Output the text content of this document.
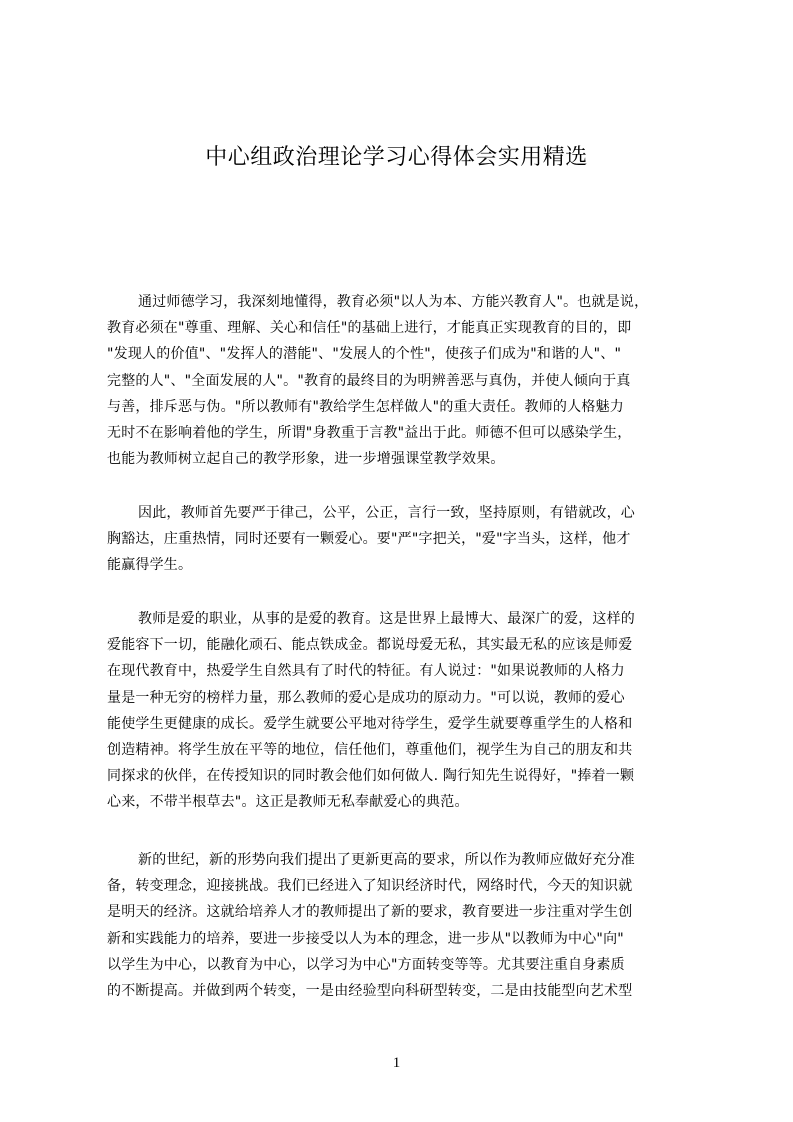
中心组政治理论学习心得体会实用精选
通过师德学习，我深刻地懂得，教育必须"以人为本、方能兴教育人"。也就是说，
教育必须在"尊重、理解、关心和信任"的基础上进行，才能真正实现教育的目的，即
"发现人的价值"、"发挥人的潜能"、"发展人的个性"，使孩子们成为"和谐的人"、"
完整的人"、"全面发展的人"。"教育的最终目的为明辨善恶与真伪，并使人倾向于真
与善，排斥恶与伪。"所以教师有"教给学生怎样做人"的重大责任。教师的人格魅力
无时不在影响着他的学生，所谓"身教重于言教"益出于此。师德不但可以感染学生，
也能为教师树立起自己的教学形象，进一步增强课堂教学效果。
因此，教师首先要严于律己，公平，公正，言行一致，坚持原则，有错就改，心
胸豁达，庄重热情，同时还要有一颗爱心。要"严"字把关，"爱"字当头，这样，他才
能赢得学生。
教师是爱的职业，从事的是爱的教育。这是世界上最博大、最深广的爱，这样的
爱能容下一切，能融化顽石、能点铁成金。都说母爱无私，其实最无私的应该是师爱
在现代教育中，热爱学生自然具有了时代的特征。有人说过："如果说教师的人格力
量是一种无穷的榜样力量，那么教师的爱心是成功的原动力。"可以说，教师的爱心
能使学生更健康的成长。爱学生就要公平地对待学生，爱学生就要尊重学生的人格和
创造精神。将学生放在平等的地位，信任他们，尊重他们，视学生为自己的朋友和共
同探求的伙伴，在传授知识的同时教会他们如何做人. 陶行知先生说得好，"捧着一颗
心来，不带半根草去"。这正是教师无私奉献爱心的典范。
新的世纪，新的形势向我们提出了更新更高的要求，所以作为教师应做好充分准
备，转变理念，迎接挑战。我们已经进入了知识经济时代，网络时代，今天的知识就
是明天的经济。这就给培养人才的教师提出了新的要求，教育要进一步注重对学生创
新和实践能力的培养，要进一步接受以人为本的理念，进一步从"以教师为中心"向"
以学生为中心，以教育为中心，以学习为中心"方面转变等等。尤其要注重自身素质
的不断提高。并做到两个转变，一是由经验型向科研型转变，二是由技能型向艺术型
1
